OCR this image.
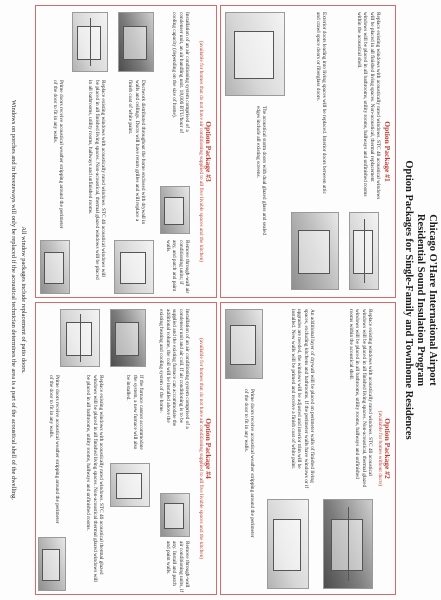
Chicago O'Hare International Airport
Residential Sound Insulation Program
Option Packages for Single-Family and Townhome Residences
Option Package #1
Replace existing windows with acoustically rated windows. STC 40 acoustical windows will be placed in all finished living spaces. Non-acoustical, thermal replacement windows will be placed in all bathrooms, utility rooms, hallways and unfinished rooms within the acoustical shell.
Exterior doors leading into living spaces will be replaced. Interior doors between attic and crawl space doors or fiberglass doors.
The acoustical storm doors with dual glazed glass and sealed edges include all existing screens.
Option Package #2
(available for homes without ducts)
Replace existing windows with acoustically rated windows. STC 40 acoustical windows will be placed in all finished living spaces. Non-acoustical, thermal glazed windows will be placed in all bathrooms, utility rooms, hallways and unfinished rooms within the acoustical shell.
An additional layer of drywall will be placed on perimeter walls of finished living spaces, excluding kitchens and bathrooms. If the perimeter walls have windows or if upgrades are needed, the windows will be adjusted and interior trim will be installed. New walls will be primed and receive a finish coat of white paint.
Prime doors receive acoustical weather stripping around the perimeter of the door to fit in any walls.
Option Package #3
(available for homes that do not have air conditioning supplied to all five livable spaces and the kitchen)
Installation of an air conditioning system comprised of a condenser unit, an air handling unit. 18,000 BTU/hour of cooling capacity (depending on the size of home).
Remove through-wall air conditioning units; if any, and patch and paint walls.
Ductwork distributed throughout the home enclosed with drywall in walls and ceilings. Ducts will have return grilles and will replace a finish coat of white paint.
Replace existing windows with acoustically rated windows. STC 40 acoustical windows will be placed in all finished living spaces. Non-acoustical, thermal glazed windows will be placed in all bathrooms, utility rooms, hallways and unfinished rooms.
Prime doors receive acoustical weather stripping around the perimeter of the door to fit in any walls.
Option Package #4
(available for homes that do not have air conditioning supplied to all five livable spaces and the kitchen)
Installation of an air conditioning system comprised of a condenser unit and air coil. If air conditioning is to be supplied and the existing furnace can accommodate the additional volume, the coil will be installed above the existing heating and cooling system of the home.
Remove through-wall air conditioning units, if any. Install and patch and paint walls.
If the furnace cannot accommodate the system, a new furnace will also be installed.
Replace existing windows with acoustically rated windows. STC 40 acoustical thermal glazed windows will be placed in all finished living spaces. Non-acoustical thermal glazed windows will be placed in all bathrooms, utility rooms, hallways and unfinished rooms.
Prime doors receive acoustical weather stripping around the perimeter of the door to fit in any walls.
All window packages include replacement of patio doors.
Windows on porches and in breezeways will only be replaced if the acoustical technician determines the area is a part of the acoustical shell of the dwelling.
